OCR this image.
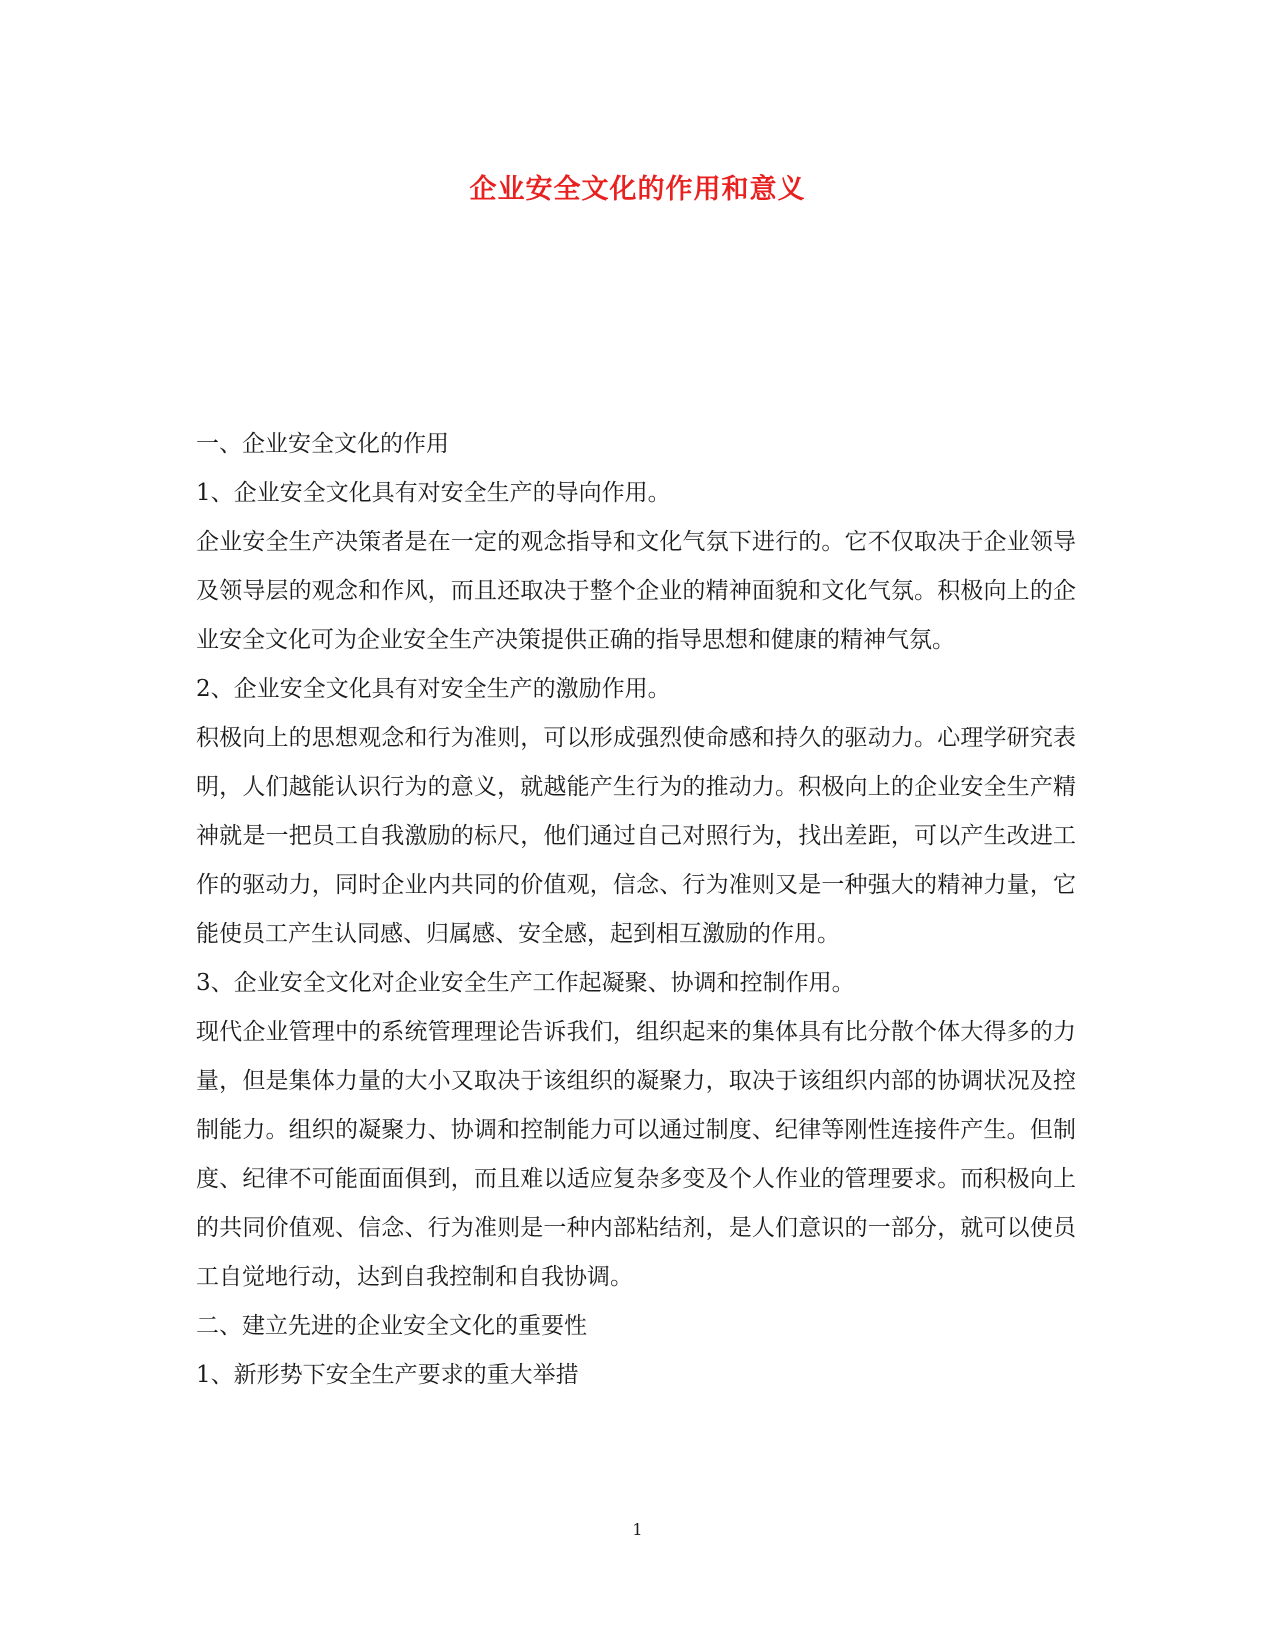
企业安全文化的作用和意义

一、企业安全文化的作用

1、企业安全文化具有对安全生产的导向作用。

企业安全生产决策者是在一定的观念指导和文化气氛下进行的。它不仅取决于企业领导及领导层的观念和作风，而且还取决于整个企业的精神面貌和文化气氛。积极向上的企业安全文化可为企业安全生产决策提供正确的指导思想和健康的精神气氛。

2、企业安全文化具有对安全生产的激励作用。

积极向上的思想观念和行为准则，可以形成强烈使命感和持久的驱动力。心理学研究表明，人们越能认识行为的意义，就越能产生行为的推动力。积极向上的企业安全生产精神就是一把员工自我激励的标尺，他们通过自己对照行为，找出差距，可以产生改进工作的驱动力，同时企业内共同的价值观，信念、行为准则又是一种强大的精神力量，它能使员工产生认同感、归属感、安全感，起到相互激励的作用。

3、企业安全文化对企业安全生产工作起凝聚、协调和控制作用。

现代企业管理中的系统管理理论告诉我们，组织起来的集体具有比分散个体大得多的力量，但是集体力量的大小又取决于该组织的凝聚力，取决于该组织内部的协调状况及控制能力。组织的凝聚力、协调和控制能力可以通过制度、纪律等刚性连接件产生。但制度、纪律不可能面面俱到，而且难以适应复杂多变及个人作业的管理要求。而积极向上的共同价值观、信念、行为准则是一种内部粘结剂，是人们意识的一部分，就可以使员工自觉地行动，达到自我控制和自我协调。

二、建立先进的企业安全文化的重要性

1、新形势下安全生产要求的重大举措

1
